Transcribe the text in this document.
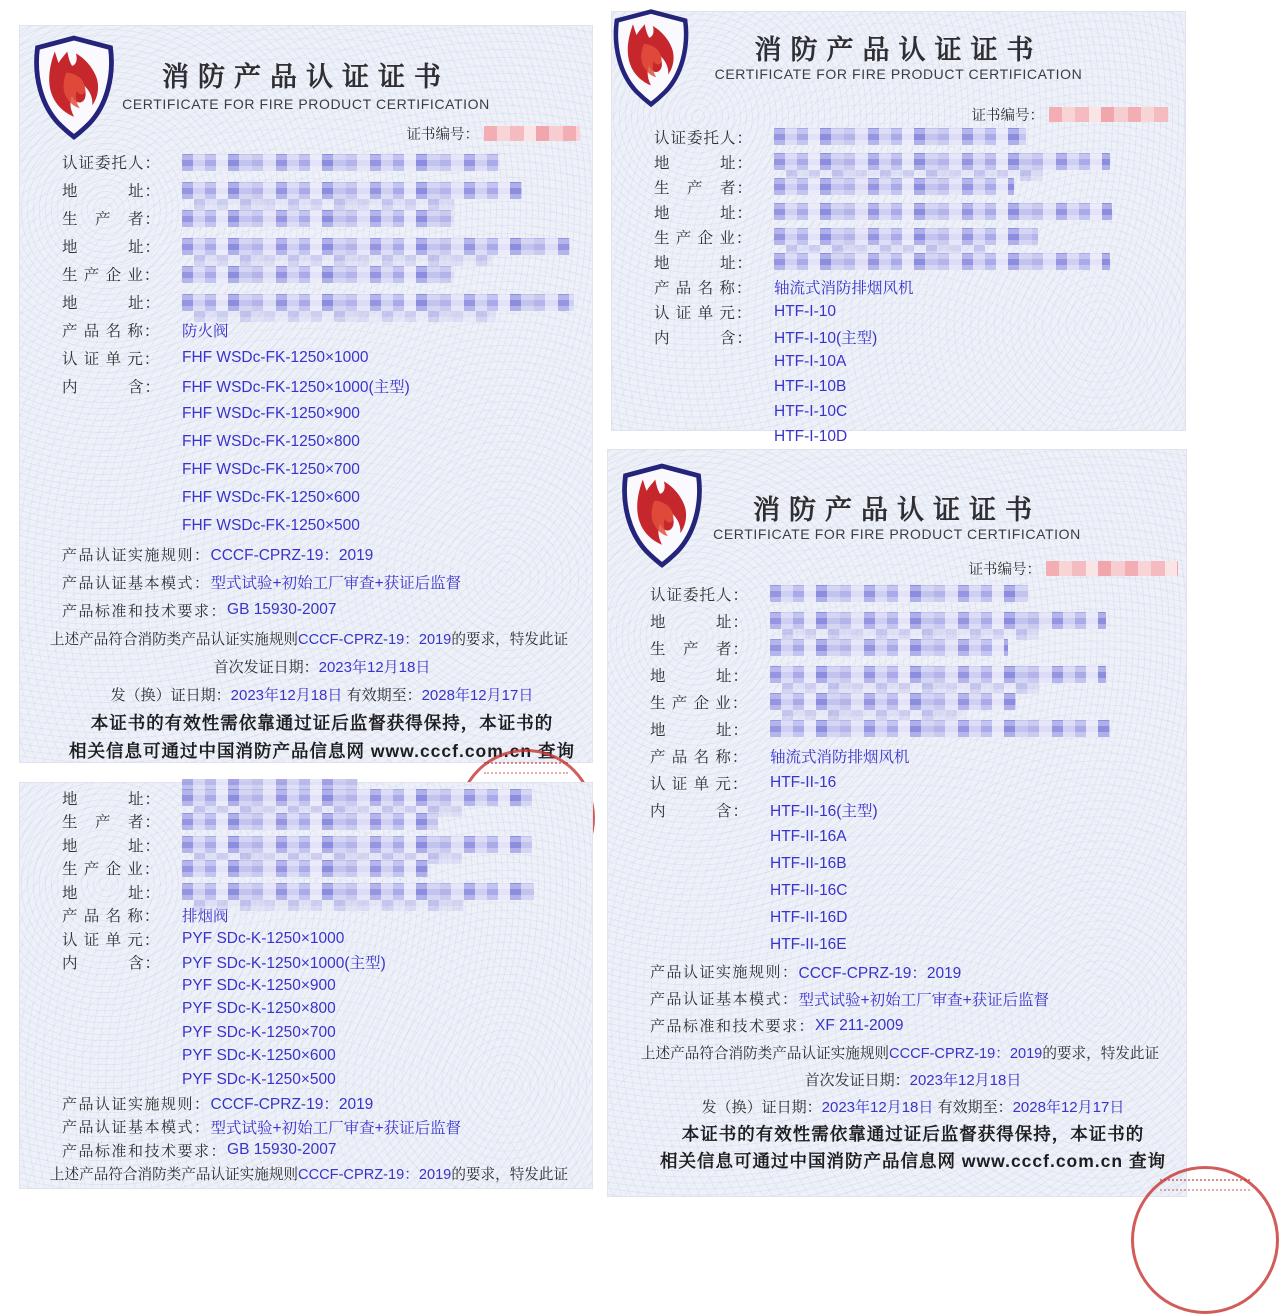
消防产品认证证书
CERTIFICATE FOR FIRE PRODUCT CERTIFICATION
证书编号：
认证委托人：
地　　　址：
生　产　者：
地　　　址：
生 产 企 业：
地　　　址：
产 品 名 称：	防火阀
认 证 单 元：	FHF WSDc-FK-1250×1000
内　　　含：	FHF WSDc-FK-1250×1000(主型)
FHF WSDc-FK-1250×900
FHF WSDc-FK-1250×800
FHF WSDc-FK-1250×700
FHF WSDc-FK-1250×600
FHF WSDc-FK-1250×500
产品认证实施规则： CCCF-CPRZ-19：2019
产品认证基本模式： 型式试验+初始工厂审查+获证后监督
产品标准和技术要求： GB 15930-2007
上述产品符合消防类产品认证实施规则 CCCF-CPRZ-19：2019 的要求，特发此证
首次发证日期： 2023年12月18日
发（换）证日期： 2023年12月18日
有效期至： 2028年12月17日
本证书的有效性需依靠通过证后监督获得保持，本证书的
相关信息可通过中国消防产品信息网 www.cccf.com.cn 查询
消防产品认证证书
CERTIFICATE FOR FIRE PRODUCT CERTIFICATION
证书编号：
认证委托人：
地　　　址：
生　产　者：
地　　　址：
生 产 企 业：
地　　　址：
产 品 名 称：	轴流式消防排烟风机
认 证 单 元：	HTF-I-10
内　　　含：	HTF-I-10(主型)
HTF-I-10A
HTF-I-10B
HTF-I-10C
HTF-I-10D
地　　　址：
生　产　者：
地　　　址：
生 产 企 业：
地　　　址：
产 品 名 称：	排烟阀
认 证 单 元：	PYF SDc-K-1250×1000
内　　　含：	PYF SDc-K-1250×1000(主型)
PYF SDc-K-1250×900
PYF SDc-K-1250×800
PYF SDc-K-1250×700
PYF SDc-K-1250×600
PYF SDc-K-1250×500
产品认证实施规则： CCCF-CPRZ-19：2019
产品认证基本模式： 型式试验+初始工厂审查+获证后监督
产品标准和技术要求： GB 15930-2007
上述产品符合消防类产品认证实施规则 CCCF-CPRZ-19：2019 的要求，特发此证
消防产品认证证书
CERTIFICATE FOR FIRE PRODUCT CERTIFICATION
证书编号：
认证委托人：
地　　　址：
生　产　者：
地　　　址：
生 产 企 业：
地　　　址：
产 品 名 称：	轴流式消防排烟风机
认 证 单 元：	HTF-II-16
内　　　含：	HTF-II-16(主型)
HTF-II-16A
HTF-II-16B
HTF-II-16C
HTF-II-16D
HTF-II-16E
产品认证实施规则： CCCF-CPRZ-19：2019
产品认证基本模式： 型式试验+初始工厂审查+获证后监督
产品标准和技术要求： XF 211-2009
上述产品符合消防类产品认证实施规则 CCCF-CPRZ-19：2019 的要求，特发此证
首次发证日期： 2023年12月18日
发（换）证日期： 2023年12月18日
有效期至： 2028年12月17日
本证书的有效性需依靠通过证后监督获得保持，本证书的
相关信息可通过中国消防产品信息网 www.cccf.com.cn 查询
